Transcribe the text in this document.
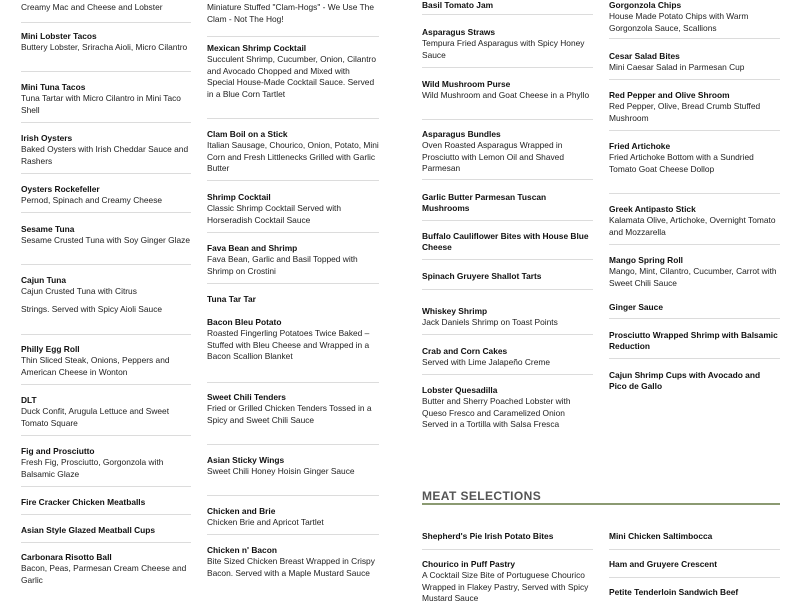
Creamy Mac and Cheese and Lobster
Mini Lobster Tacos
Buttery Lobster, Sriracha Aioli, Micro Cilantro
Mini Tuna Tacos
Tuna Tartar with Micro Cilantro in Mini Taco Shell
Irish Oysters
Baked Oysters with Irish Cheddar Sauce and Rashers
Oysters Rockefeller
Pernod, Spinach and Creamy Cheese
Sesame Tuna
Sesame Crusted Tuna with Soy Ginger Glaze
Cajun Tuna
Cajun Crusted Tuna with Citrus
Strings. Served with Spicy Aioli Sauce
Philly Egg Roll
Thin Sliced Steak, Onions, Peppers and American Cheese in Wonton
DLT
Duck Confit, Arugula Lettuce and Sweet Tomato Square
Fig and Prosciutto
Fresh Fig, Prosciutto, Gorgonzola with Balsamic Glaze
Fire Cracker Chicken Meatballs
Asian Style Glazed Meatball Cups
Carbonara Risotto Ball
Bacon, Peas, Parmesan Cream Cheese and Garlic
Miniature Stuffed "Clam-Hogs" - We Use The Clam - Not The Hog!
Mexican Shrimp Cocktail
Succulent Shrimp, Cucumber, Onion, Cilantro and Avocado Chopped and Mixed with Special House-Made Cocktail Sauce. Served in a Blue Corn Tartlet
Clam Boil on a Stick
Italian Sausage, Chourico, Onion, Potato, Mini Corn and Fresh Littlenecks Grilled with Garlic Butter
Shrimp Cocktail
Classic Shrimp Cocktail Served with Horseradish Cocktail Sauce
Fava Bean and Shrimp
Fava Bean, Garlic and Basil Topped with Shrimp on Crostini
Tuna Tar Tar
Bacon Bleu Potato
Roasted Fingerling Potatoes Twice Baked – Stuffed with Bleu Cheese and Wrapped in a Bacon Scallion Blanket
Sweet Chili Tenders
Fried or Grilled Chicken Tenders Tossed in a Spicy and Sweet Chili Sauce
Asian Sticky Wings
Sweet Chili Honey Hoisin Ginger Sauce
Chicken and Brie
Chicken Brie and Apricot Tartlet
Chicken n' Bacon
Bite Sized Chicken Breast Wrapped in Crispy Bacon. Served with a Maple Mustard Sauce
Basil Tomato Jam
Asparagus Straws
Tempura Fried Asparagus with Spicy Honey Sauce
Wild Mushroom Purse
Wild Mushroom and Goat Cheese in a Phyllo
Asparagus Bundles
Oven Roasted Asparagus Wrapped in Prosciutto with Lemon Oil and Shaved Parmesan
Garlic Butter Parmesan Tuscan Mushrooms
Buffalo Cauliflower Bites with House Blue Cheese
Spinach Gruyere Shallot Tarts
Whiskey Shrimp
Jack Daniels Shrimp on Toast Points
Crab and Corn Cakes
Served with Lime Jalapeño Creme
Lobster Quesadilla
Butter and Sherry Poached Lobster with Queso Fresco and Caramelized Onion Served in a Tortilla with Salsa Fresca
Shepherd's Pie Irish Potato Bites
Chourico in Puff Pastry
A Cocktail Size Bite of Portuguese Chourico Wrapped in Flakey Pastry, Served with Spicy Mustard Sauce
Gorgonzola Chips
House Made Potato Chips with Warm Gorgonzola Sauce, Scallions
Cesar Salad Bites
Mini Caesar Salad in Parmesan Cup
Red Pepper and Olive Shroom
Red Pepper, Olive, Bread Crumb Stuffed Mushroom
Fried Artichoke
Fried Artichoke Bottom with a Sundried Tomato Goat Cheese Dollop
Greek Antipasto Stick
Kalamata Olive, Artichoke, Overnight Tomato and Mozzarella
Mango Spring Roll
Mango, Mint, Cilantro, Cucumber, Carrot with Sweet Chili Sauce
Ginger Sauce
Prosciutto Wrapped Shrimp with Balsamic Reduction
Cajun Shrimp Cups with Avocado and Pico de Gallo
Mini Chicken Saltimbocca
Ham and Gruyere Crescent
Petite Tenderloin Sandwich Beef
MEAT SELECTIONS
